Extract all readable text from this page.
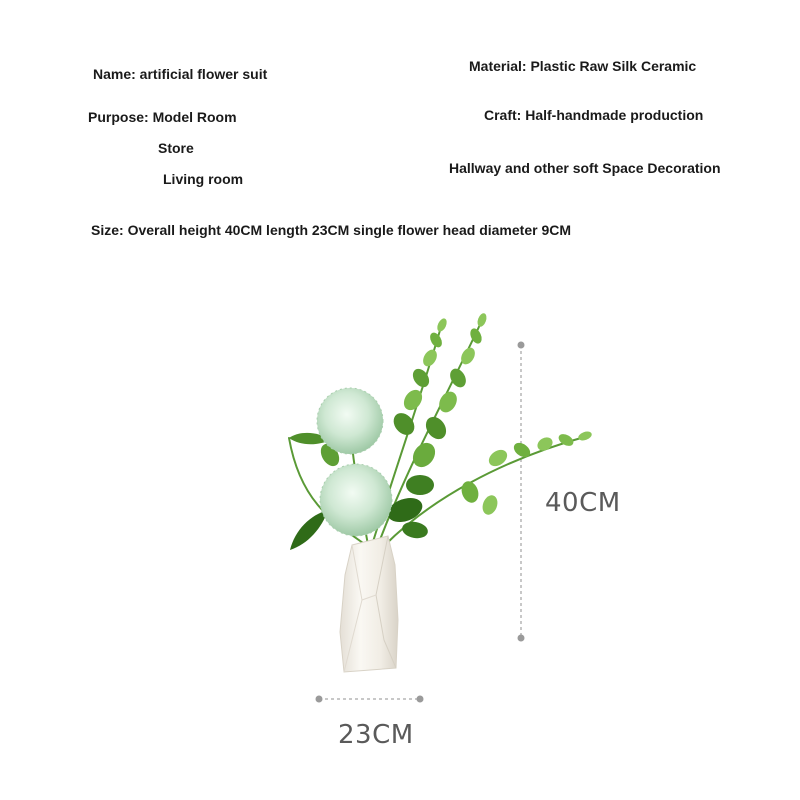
Name: artificial flower suit	Material: Plastic Raw Silk Ceramic
Purpose: Model Room	Craft: Half-handmade production
Store
Hallway and other soft Space Decoration
Living room
Size: Overall height 40CM length 23CM single flower head diameter 9CM
40CM
23CM
